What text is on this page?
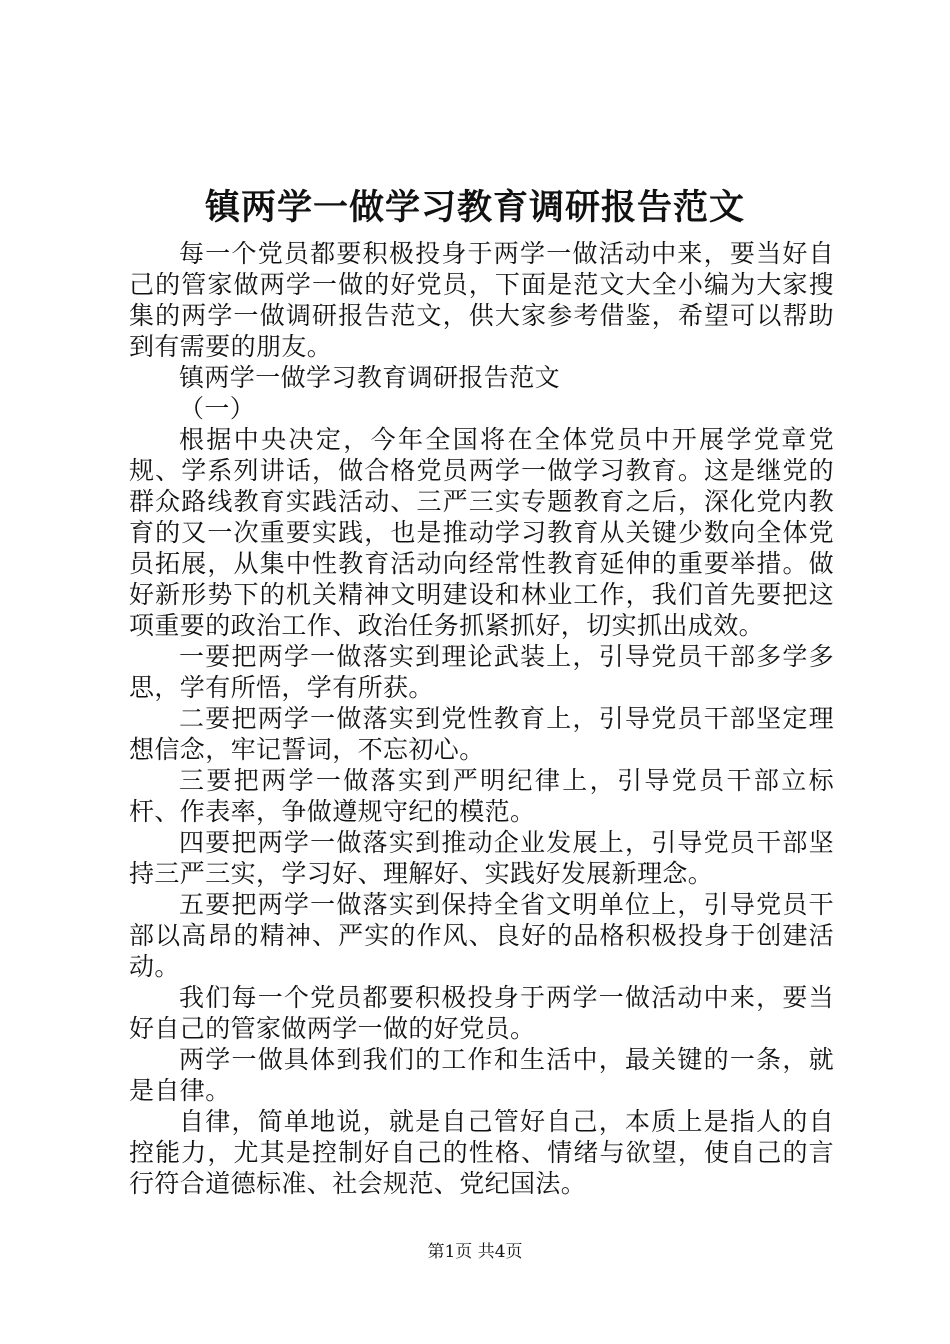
镇两学一做学习教育调研报告范文

每一个党员都要积极投身于两学一做活动中来，要当好自己的管家做两学一做的好党员，下面是范文大全小编为大家搜集的两学一做调研报告范文，供大家参考借鉴，希望可以帮助到有需要的朋友。

镇两学一做学习教育调研报告范文

（一）

根据中央决定，今年全国将在全体党员中开展学党章党规、学系列讲话，做合格党员两学一做学习教育。这是继党的群众路线教育实践活动、三严三实专题教育之后，深化党内教育的又一次重要实践，也是推动学习教育从关键少数向全体党员拓展，从集中性教育活动向经常性教育延伸的重要举措。做好新形势下的机关精神文明建设和林业工作，我们首先要把这项重要的政治工作、政治任务抓紧抓好，切实抓出成效。

一要把两学一做落实到理论武装上，引导党员干部多学多思，学有所悟，学有所获。

二要把两学一做落实到党性教育上，引导党员干部坚定理想信念，牢记誓词，不忘初心。

三要把两学一做落实到严明纪律上，引导党员干部立标杆、作表率，争做遵规守纪的模范。

四要把两学一做落实到推动企业发展上，引导党员干部坚持三严三实，学习好、理解好、实践好发展新理念。

五要把两学一做落实到保持全省文明单位上，引导党员干部以高昂的精神、严实的作风、良好的品格积极投身于创建活动。

我们每一个党员都要积极投身于两学一做活动中来，要当好自己的管家做两学一做的好党员。

两学一做具体到我们的工作和生活中，最关键的一条，就是自律。

自律，简单地说，就是自己管好自己，本质上是指人的自控能力，尤其是控制好自己的性格、情绪与欲望，使自己的言行符合道德标准、社会规范、党纪国法。

第1页 共4页
